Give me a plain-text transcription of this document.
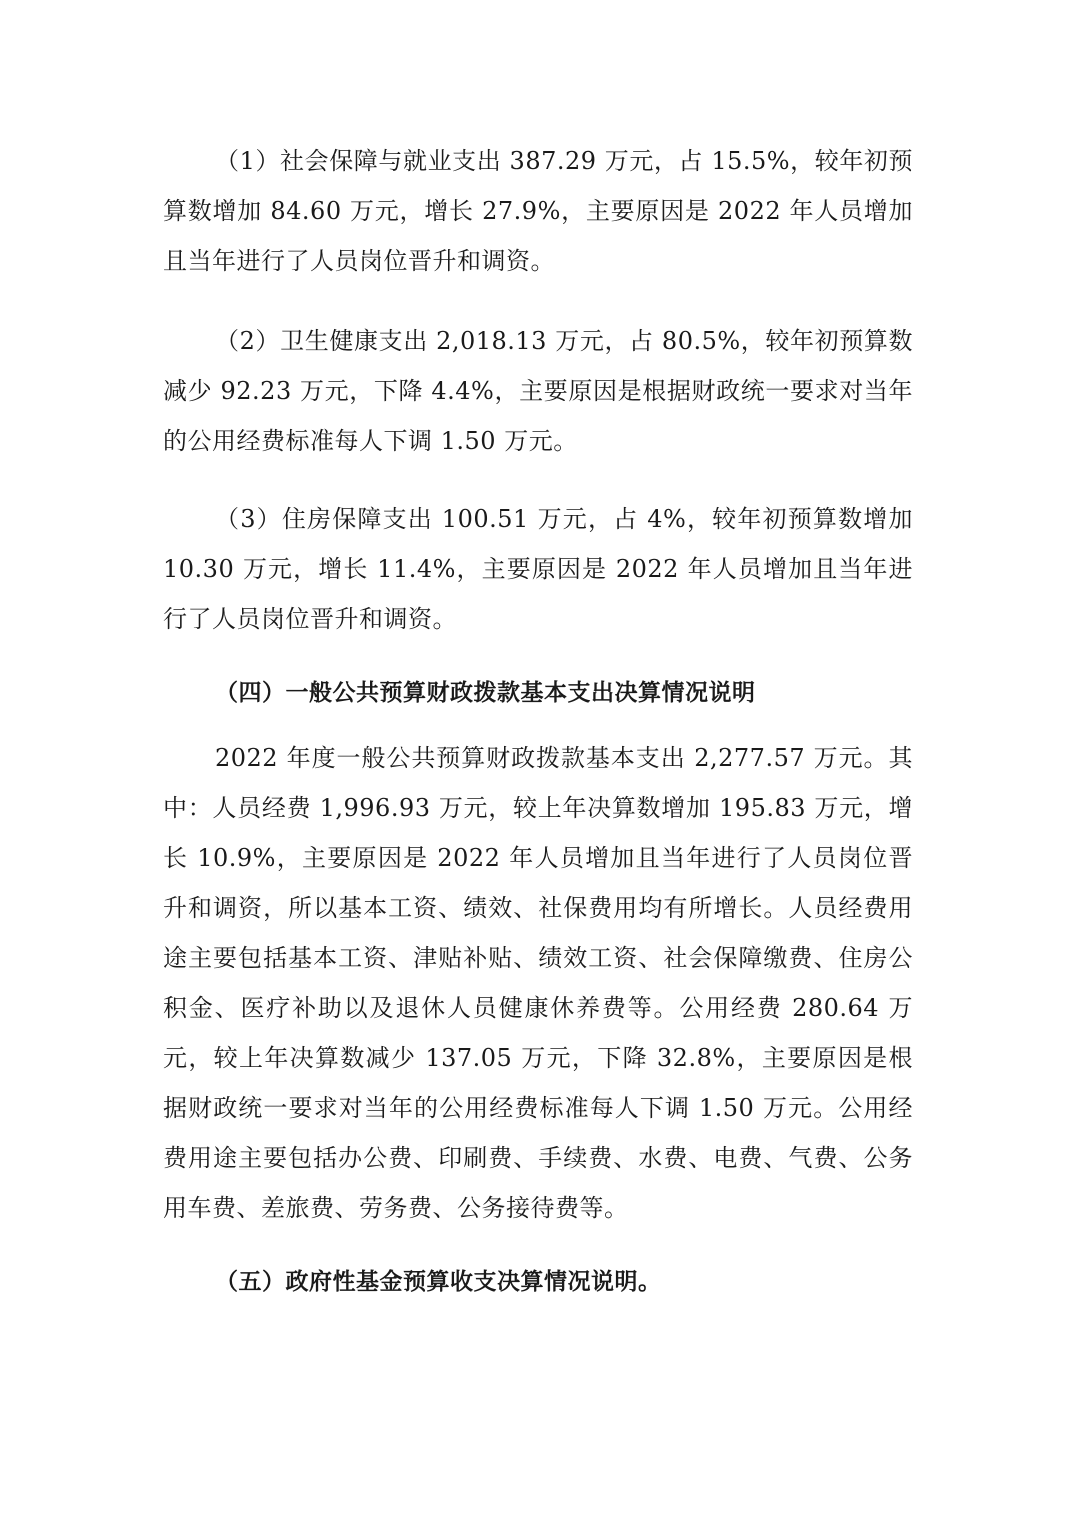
（1）社会保障与就业支出 387.29 万元，占 15.5%，较年初预算数增加 84.60 万元，增长 27.9%，主要原因是 2022 年人员增加且当年进行了人员岗位晋升和调资。

（2）卫生健康支出 2,018.13 万元，占 80.5%，较年初预算数减少 92.23 万元，下降 4.4%，主要原因是根据财政统一要求对当年的公用经费标准每人下调 1.50 万元。

（3）住房保障支出 100.51 万元，占 4%，较年初预算数增加 10.30 万元，增长 11.4%，主要原因是 2022 年人员增加且当年进行了人员岗位晋升和调资。

（四）一般公共预算财政拨款基本支出决算情况说明

2022 年度一般公共预算财政拨款基本支出 2,277.57 万元。其中：人员经费 1,996.93 万元，较上年决算数增加 195.83 万元，增长 10.9%，主要原因是 2022 年人员增加且当年进行了人员岗位晋升和调资，所以基本工资、绩效、社保费用均有所增长。人员经费用途主要包括基本工资、津贴补贴、绩效工资、社会保障缴费、住房公积金、医疗补助以及退休人员健康休养费等。公用经费 280.64 万元，较上年决算数减少 137.05 万元，下降 32.8%，主要原因是根据财政统一要求对当年的公用经费标准每人下调 1.50 万元。公用经费用途主要包括办公费、印刷费、手续费、水费、电费、气费、公务用车费、差旅费、劳务费、公务接待费等。

（五）政府性基金预算收支决算情况说明。
